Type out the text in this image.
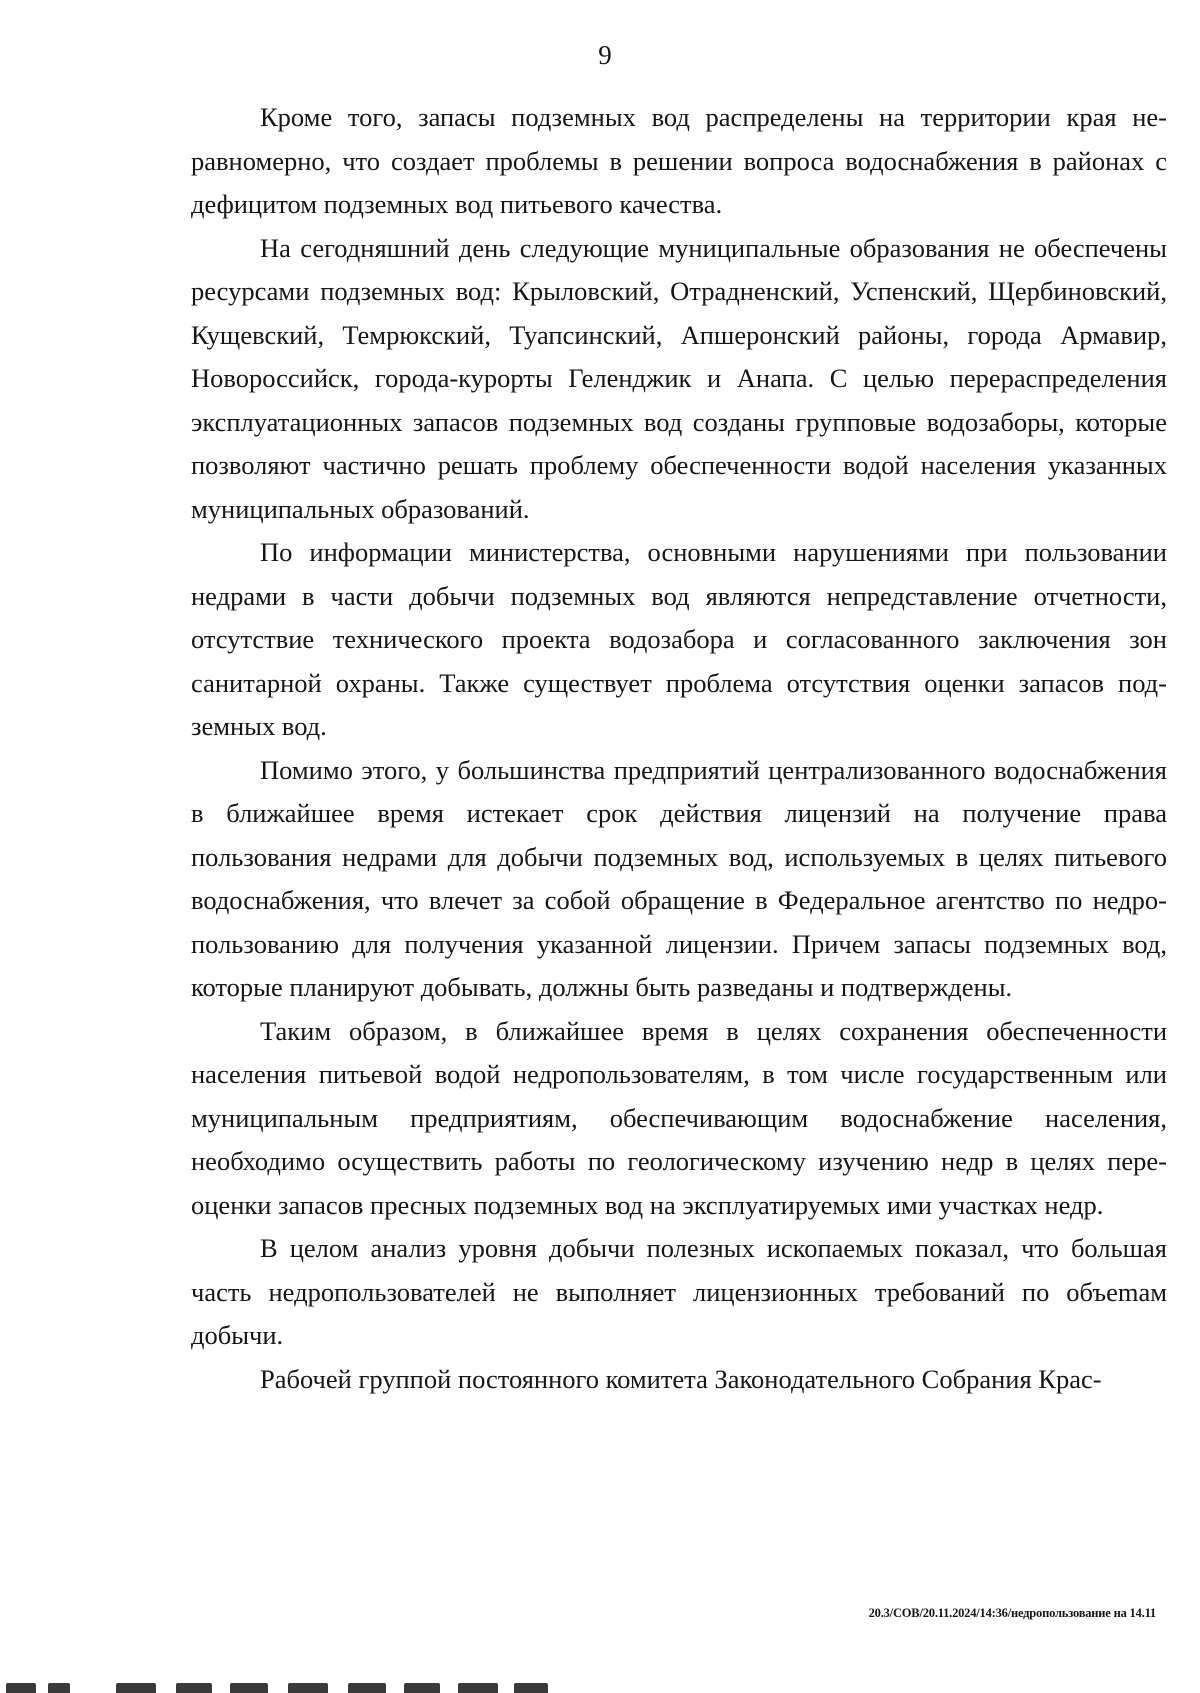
9

Кроме того, запасы подземных вод распределены на территории края неравномерно, что создает проблемы в решении вопроса водоснабжения в районах с дефицитом подземных вод питьевого качества.

На сегодняшний день следующие муниципальные образования не обеспечены ресурсами подземных вод: Крыловский, Отрадненский, Успенский, Щербиновский, Кущевский, Темрюкский, Туапсинский, Апшеронский районы, города Армавир, Новороссийск, города-курорты Геленджик и Анапа. С целью перераспределения эксплуатационных запасов подземных вод созданы групповые водозаборы, которые позволяют частично решать проблему обеспеченности водой населения указанных муниципальных образований.

По информации министерства, основными нарушениями при пользовании недрами в части добычи подземных вод являются непредставление отчетности, отсутствие технического проекта водозабора и согласованного заключения зон санитарной охраны. Также существует проблема отсутствия оценки запасов подземных вод.

Помимо этого, у большинства предприятий централизованного водоснабжения в ближайшее время истекает срок действия лицензий на получение права пользования недрами для добычи подземных вод, используемых в целях питьевого водоснабжения, что влечет за собой обращение в Федеральное агентство по недропользованию для получения указанной лицензии. Причем запасы подземных вод, которые планируют добывать, должны быть разведаны и подтверждены.

Таким образом, в ближайшее время в целях сохранения обеспеченности населения питьевой водой недропользователям, в том числе государственным или муниципальным предприятиям, обеспечивающим водоснабжение населения, необходимо осуществить работы по геологическому изучению недр в целях переоценки запасов пресных подземных вод на эксплуатируемых ими участках недр.

В целом анализ уровня добычи полезных ископаемых показал, что большая часть недропользователей не выполняет лицензионных требований по объemам добычи.

Рабочей группой постоянного комитета Законодательного Собрания Крас-

20.3/СОВ/20.11.2024/14:36/недропользование на 14.11
